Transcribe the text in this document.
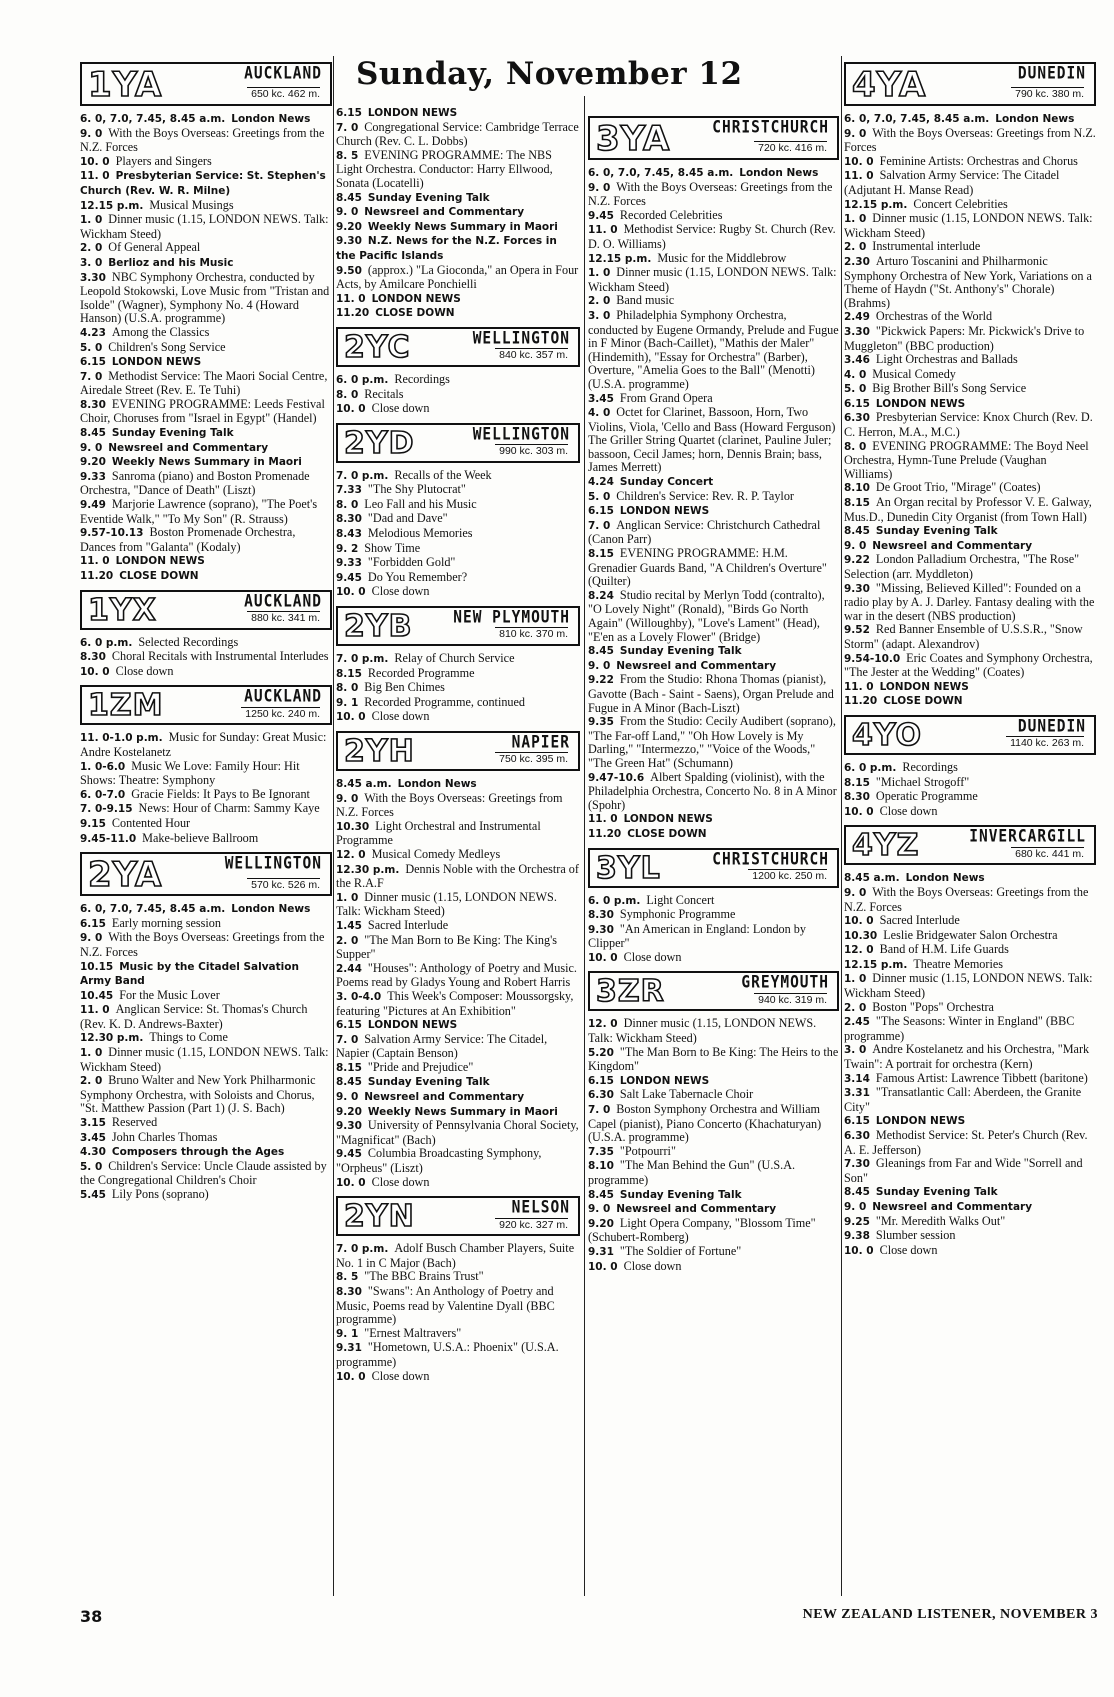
Sunday, November 12
1YA	AUCKLAND
650 kc. 462 m.

6. 0, 7.0, 7.45, 8.45 a.m. London News

9. 0 With the Boys Overseas: Greetings from the N.Z. Forces

10. 0 Players and Singers

11. 0 Presbyterian Service: St. Stephen's Church (Rev. W. R. Milne)

12.15 p.m. Musical Musings

1. 0 Dinner music (1.15, LONDON NEWS. Talk: Wickham Steed)

2. 0 Of General Appeal

3. 0 Berlioz and his Music

3.30 NBC Symphony Orchestra, conducted by Leopold Stokowski, Love Music from "Tristan and Isolde" (Wagner), Symphony No. 4 (Howard Hanson) (U.S.A. programme)

4.23 Among the Classics

5. 0 Children's Song Service

6.15 LONDON NEWS

7. 0 Methodist Service: The Maori Social Centre, Airedale Street (Rev. E. Te Tuhi)

8.30 EVENING PROGRAMME: Leeds Festival Choir, Choruses from "Israel in Egypt" (Handel)

8.45 Sunday Evening Talk

9. 0 Newsreel and Commentary

9.20 Weekly News Summary in Maori

9.33 Sanroma (piano) and Boston Promenade Orchestra, "Dance of Death" (Liszt)

9.49 Marjorie Lawrence (soprano), "The Poet's Eventide Walk," "To My Son" (R. Strauss)

9.57-10.13 Boston Promenade Orchestra, Dances from "Galanta" (Kodaly)

11. 0 LONDON NEWS

11.20 CLOSE DOWN

1YX	AUCKLAND
880 kc. 341 m.

6. 0 p.m. Selected Recordings

8.30 Choral Recitals with Instrumental Interludes

10. 0 Close down

1ZM	AUCKLAND
1250 kc. 240 m.

11. 0-1.0 p.m. Music for Sunday: Great Music: Andre Kostelanetz

1. 0-6.0 Music We Love: Family Hour: Hit Shows: Theatre: Symphony

6. 0-7.0 Gracie Fields: It Pays to Be Ignorant

7. 0-9.15 News: Hour of Charm: Sammy Kaye

9.15 Contented Hour

9.45-11.0 Make-believe Ballroom

2YA	WELLINGTON
570 kc. 526 m.

6. 0, 7.0, 7.45, 8.45 a.m. London News

6.15 Early morning session

9. 0 With the Boys Overseas: Greetings from the N.Z. Forces

10.15 Music by the Citadel Salvation Army Band

10.45 For the Music Lover

11. 0 Anglican Service: St. Thomas's Church (Rev. K. D. Andrews-Baxter)

12.30 p.m. Things to Come

1. 0 Dinner music (1.15, LONDON NEWS. Talk: Wickham Steed)

2. 0 Bruno Walter and New York Philharmonic Symphony Orchestra, with Soloists and Chorus, "St. Matthew Passion (Part 1) (J. S. Bach)

3.15 Reserved

3.45 John Charles Thomas

4.30 Composers through the Ages

5. 0 Children's Service: Uncle Claude assisted by the Congregational Children's Choir

5.45 Lily Pons (soprano)

6.15 LONDON NEWS

7. 0 Congregational Service: Cambridge Terrace Church (Rev. C. L. Dobbs)

8. 5 EVENING PROGRAMME: The NBS Light Orchestra. Conductor: Harry Ellwood, Sonata (Locatelli)

8.45 Sunday Evening Talk

9. 0 Newsreel and Commentary

9.20 Weekly News Summary in Maori

9.30 N.Z. News for the N.Z. Forces in the Pacific Islands

9.50 (approx.) "La Gioconda," an Opera in Four Acts, by Amilcare Ponchielli

11. 0 LONDON NEWS

11.20 CLOSE DOWN

2YC	WELLINGTON
840 kc. 357 m.

6. 0 p.m. Recordings

8. 0 Recitals

10. 0 Close down

2YD	WELLINGTON
990 kc. 303 m.

7. 0 p.m. Recalls of the Week

7.33 "The Shy Plutocrat"

8. 0 Leo Fall and his Music

8.30 "Dad and Dave"

8.43 Melodious Memories

9. 2 Show Time

9.33 "Forbidden Gold"

9.45 Do You Remember?

10. 0 Close down

2YB	NEW PLYMOUTH
810 kc. 370 m.

7. 0 p.m. Relay of Church Service

8.15 Recorded Programme

8. 0 Big Ben Chimes

9. 1 Recorded Programme, continued

10. 0 Close down

2YH	NAPIER
750 kc. 395 m.

8.45 a.m. London News

9. 0 With the Boys Overseas: Greetings from N.Z. Forces

10.30 Light Orchestral and Instrumental Programme

12. 0 Musical Comedy Medleys

12.30 p.m. Dennis Noble with the Orchestra of the R.A.F

1. 0 Dinner music (1.15, LONDON NEWS. Talk: Wickham Steed)

1.45 Sacred Interlude

2. 0 "The Man Born to Be King: The King's Supper"

2.44 "Houses": Anthology of Poetry and Music. Poems read by Gladys Young and Robert Harris

3. 0-4.0 This Week's Composer: Moussorgsky, featuring "Pictures at An Exhibition"

6.15 LONDON NEWS

7. 0 Salvation Army Service: The Citadel, Napier (Captain Benson)

8.15 "Pride and Prejudice"

8.45 Sunday Evening Talk

9. 0 Newsreel and Commentary

9.20 Weekly News Summary in Maori

9.30 University of Pennsylvania Choral Society, "Magnificat" (Bach)

9.45 Columbia Broadcasting Symphony, "Orpheus" (Liszt)

10. 0 Close down

2YN	NELSON
920 kc. 327 m.

7. 0 p.m. Adolf Busch Chamber Players, Suite No. 1 in C Major (Bach)

8. 5 "The BBC Brains Trust"

8.30 "Swans": An Anthology of Poetry and Music, Poems read by Valentine Dyall (BBC programme)

9. 1 "Ernest Maltravers"

9.31 "Hometown, U.S.A.: Phoenix" (U.S.A. programme)

10. 0 Close down

3YA	CHRISTCHURCH
720 kc. 416 m.

6. 0, 7.0, 7.45, 8.45 a.m. London News

9. 0 With the Boys Overseas: Greetings from the N.Z. Forces

9.45 Recorded Celebrities

11. 0 Methodist Service: Rugby St. Church (Rev. D. O. Williams)

12.15 p.m. Music for the Middlebrow

1. 0 Dinner music (1.15, LONDON NEWS. Talk: Wickham Steed)

2. 0 Band music

3. 0 Philadelphia Symphony Orchestra, conducted by Eugene Ormandy, Prelude and Fugue in F Minor (Bach-Caillet), "Mathis der Maler" (Hindemith), "Essay for Orchestra" (Barber), Overture, "Amelia Goes to the Ball" (Menotti) (U.S.A. programme)

3.45 From Grand Opera

4. 0 Octet for Clarinet, Bassoon, Horn, Two Violins, Viola, 'Cello and Bass (Howard Ferguson) The Griller String Quartet (clarinet, Pauline Juler; bassoon, Cecil James; horn, Dennis Brain; bass, James Merrett)

4.24 Sunday Concert

5. 0 Children's Service: Rev. R. P. Taylor

6.15 LONDON NEWS

7. 0 Anglican Service: Christchurch Cathedral (Canon Parr)

8.15 EVENING PROGRAMME: H.M. Grenadier Guards Band, "A Children's Overture" (Quilter)

8.24 Studio recital by Merlyn Todd (contralto), "O Lovely Night" (Ronald), "Birds Go North Again" (Willoughby), "Love's Lament" (Head), "E'en as a Lovely Flower" (Bridge)

8.45 Sunday Evening Talk

9. 0 Newsreel and Commentary

9.22 From the Studio: Rhona Thomas (pianist), Gavotte (Bach - Saint - Saens), Organ Prelude and Fugue in A Minor (Bach-Liszt)

9.35 From the Studio: Cecily Audibert (soprano), "The Far-off Land," "Oh How Lovely is My Darling," "Intermezzo," "Voice of the Woods," "The Green Hat" (Schumann)

9.47-10.6 Albert Spalding (violinist), with the Philadelphia Orchestra, Concerto No. 8 in A Minor (Spohr)

11. 0 LONDON NEWS

11.20 CLOSE DOWN

3YL	CHRISTCHURCH
1200 kc. 250 m.

6. 0 p.m. Light Concert

8.30 Symphonic Programme

9.30 "An American in England: London by Clipper"

10. 0 Close down

3ZR	GREYMOUTH
940 kc. 319 m.

12. 0 Dinner music (1.15, LONDON NEWS. Talk: Wickham Steed)

5.20 "The Man Born to Be King: The Heirs to the Kingdom"

6.15 LONDON NEWS

6.30 Salt Lake Tabernacle Choir

7. 0 Boston Symphony Orchestra and William Capel (pianist), Piano Concerto (Khachaturyan) (U.S.A. programme)

7.35 "Potpourri"

8.10 "The Man Behind the Gun" (U.S.A. programme)

8.45 Sunday Evening Talk

9. 0 Newsreel and Commentary

9.20 Light Opera Company, "Blossom Time" (Schubert-Romberg)

9.31 "The Soldier of Fortune"

10. 0 Close down

4YA	DUNEDIN
790 kc. 380 m.

6. 0, 7.0, 7.45, 8.45 a.m. London News

9. 0 With the Boys Overseas: Greetings from N.Z. Forces

10. 0 Feminine Artists: Orchestras and Chorus

11. 0 Salvation Army Service: The Citadel (Adjutant H. Manse Read)

12.15 p.m. Concert Celebrities

1. 0 Dinner music (1.15, LONDON NEWS. Talk: Wickham Steed)

2. 0 Instrumental interlude

2.30 Arturo Toscanini and Philharmonic Symphony Orchestra of New York, Variations on a Theme of Haydn ("St. Anthony's" Chorale) (Brahms)

2.49 Orchestras of the World

3.30 "Pickwick Papers: Mr. Pickwick's Drive to Muggleton" (BBC production)

3.46 Light Orchestras and Ballads

4. 0 Musical Comedy

5. 0 Big Brother Bill's Song Service

6.15 LONDON NEWS

6.30 Presbyterian Service: Knox Church (Rev. D. C. Herron, M.A., M.C.)

8. 0 EVENING PROGRAMME: The Boyd Neel Orchestra, Hymn-Tune Prelude (Vaughan Williams)

8.10 De Groot Trio, "Mirage" (Coates)

8.15 An Organ recital by Professor V. E. Galway, Mus.D., Dunedin City Organist (from Town Hall)

8.45 Sunday Evening Talk

9. 0 Newsreel and Commentary

9.22 London Palladium Orchestra, "The Rose" Selection (arr. Myddleton)

9.30 "Missing, Believed Killed": Founded on a radio play by A. J. Darley. Fantasy dealing with the war in the desert (NBS production)

9.52 Red Banner Ensemble of U.S.S.R., "Snow Storm" (adapt. Alexandrov)

9.54-10.0 Eric Coates and Symphony Orchestra, "The Jester at the Wedding" (Coates)

11. 0 LONDON NEWS

11.20 CLOSE DOWN

4YO	DUNEDIN
1140 kc. 263 m.

6. 0 p.m. Recordings

8.15 "Michael Strogoff"

8.30 Operatic Programme

10. 0 Close down

4YZ	INVERCARGILL
680 kc. 441 m.

8.45 a.m. London News

9. 0 With the Boys Overseas: Greetings from the N.Z. Forces

10. 0 Sacred Interlude

10.30 Leslie Bridgewater Salon Orchestra

12. 0 Band of H.M. Life Guards

12.15 p.m. Theatre Memories

1. 0 Dinner music (1.15, LONDON NEWS. Talk: Wickham Steed)

2. 0 Boston "Pops" Orchestra

2.45 "The Seasons: Winter in England" (BBC programme)

3. 0 Andre Kostelanetz and his Orchestra, "Mark Twain": A portrait for orchestra (Kern)

3.14 Famous Artist: Lawrence Tibbett (baritone)

3.31 "Transatlantic Call: Aberdeen, the Granite City"

6.15 LONDON NEWS

6.30 Methodist Service: St. Peter's Church (Rev. A. E. Jefferson)

7.30 Gleanings from Far and Wide "Sorrell and Son"

8.45 Sunday Evening Talk

9. 0 Newsreel and Commentary

9.25 "Mr. Meredith Walks Out"

9.38 Slumber session

10. 0 Close down

38	NEW ZEALAND LISTENER, NOVEMBER 3
